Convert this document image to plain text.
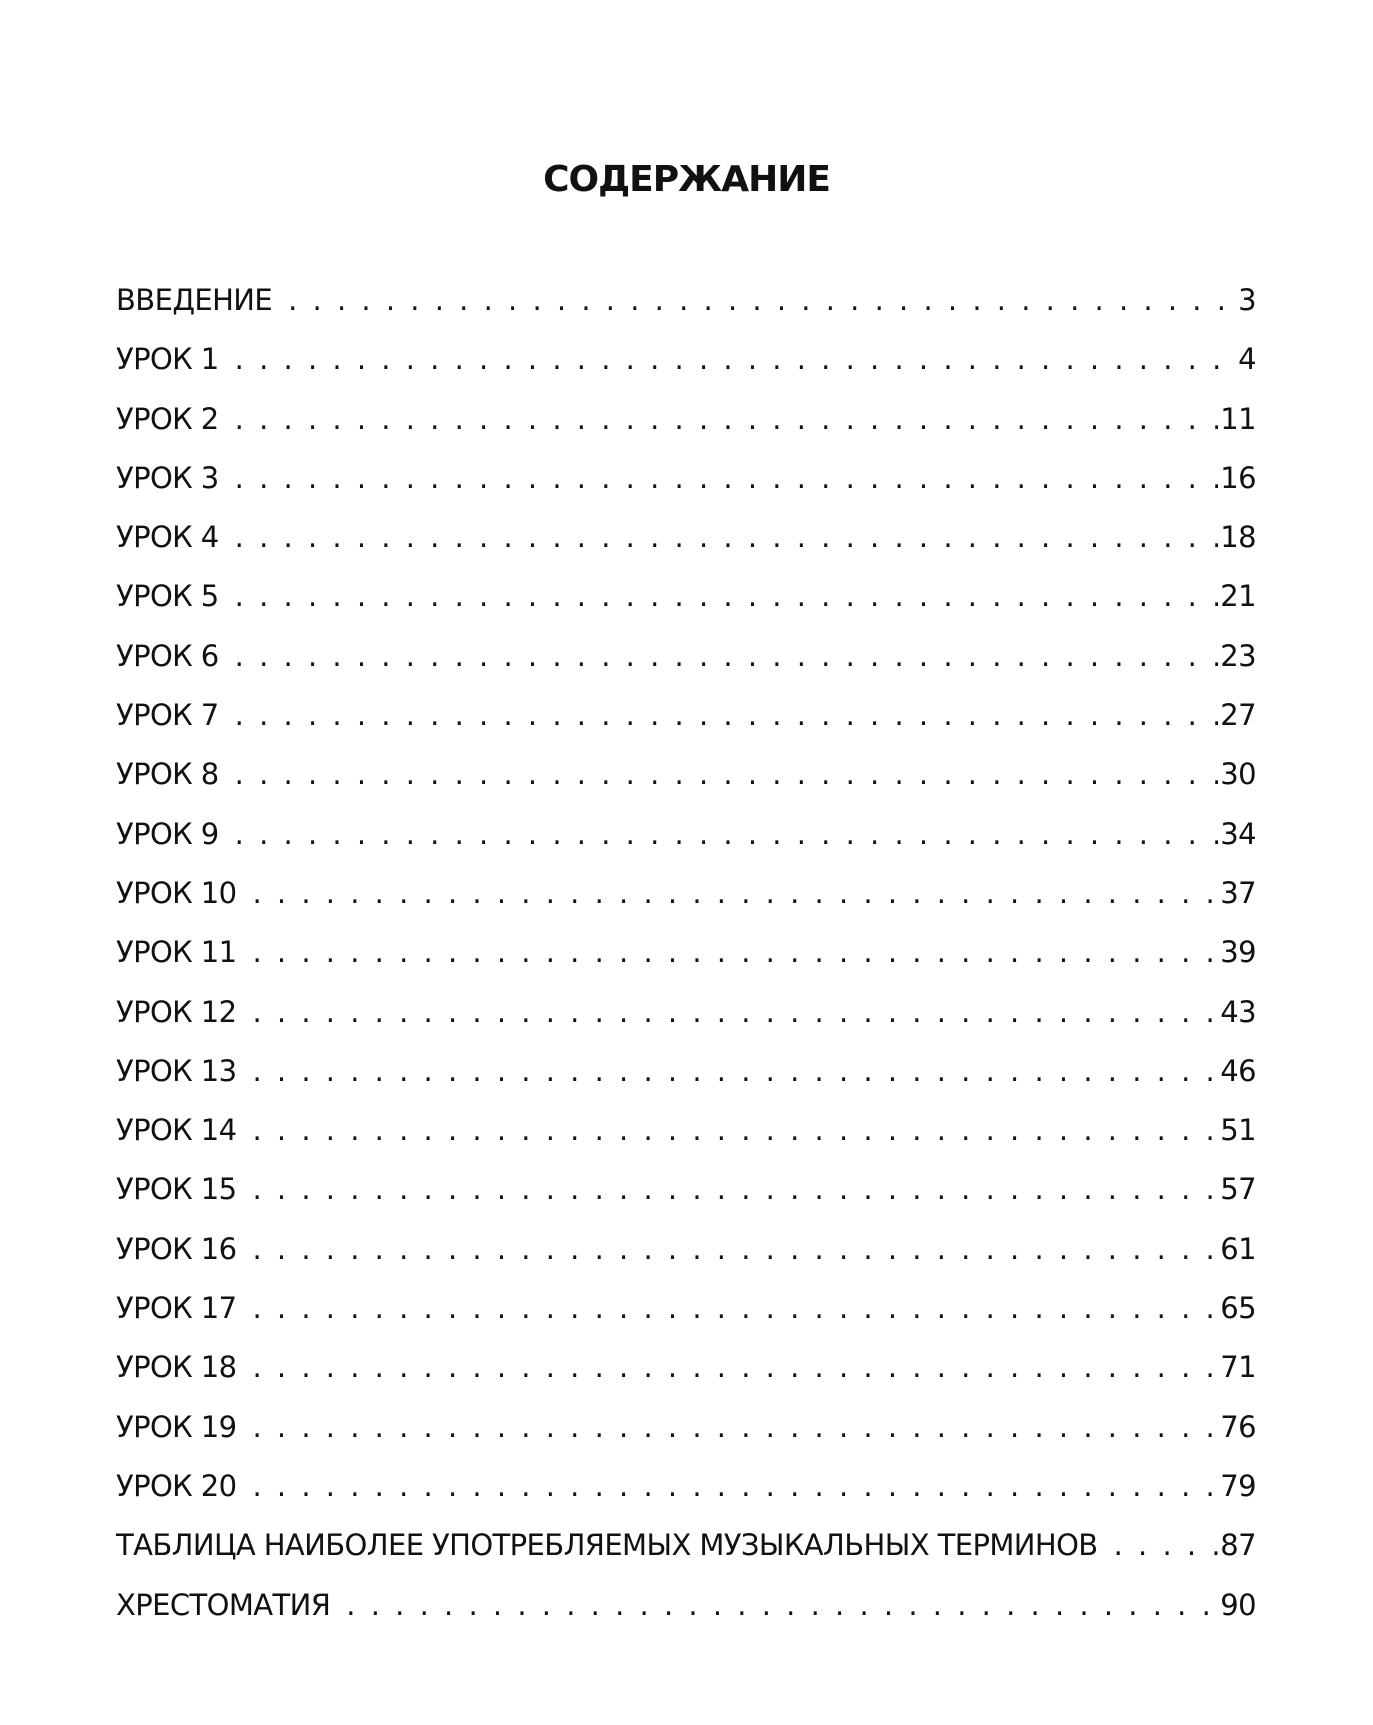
СОДЕРЖАНИЕ
ВВЕДЕНИЕ . . .	3
УРОК 1 . . .	4
УРОК 2 . . .	11
УРОК 3 . . .	16
УРОК 4 . . .	18
УРОК 5 . . .	21
УРОК 6 . . .	23
УРОК 7 . . .	27
УРОК 8 . . .	30
УРОК 9 . . .	34
УРОК 10 . . .	37
УРОК 11 . . .	39
УРОК 12 . . .	43
УРОК 13 . . .	46
УРОК 14 . . .	51
УРОК 15 . . .	57
УРОК 16 . . .	61
УРОК 17 . . .	65
УРОК 18 . . .	71
УРОК 19 . . .	76
УРОК 20 . . .	79
ТАБЛИЦА НАИБОЛЕЕ УПОТРЕБЛЯЕМЫХ МУЗЫКАЛЬНЫХ ТЕРМИНОВ . . .	87
ХРЕСТОМАТИЯ . . .	90
